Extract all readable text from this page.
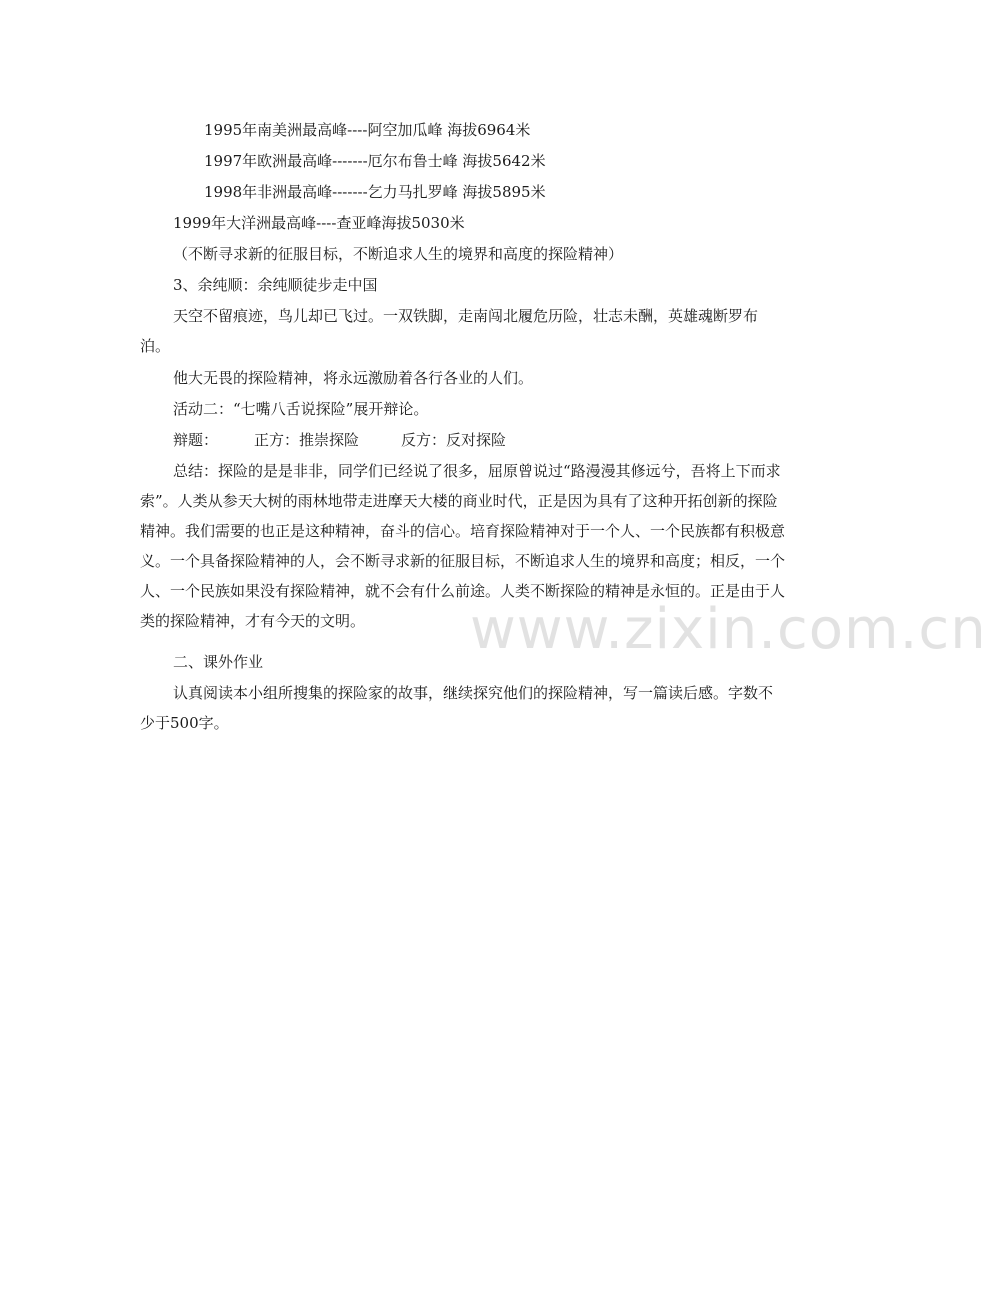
1995年南美洲最高峰----阿空加瓜峰 海拔6964米
1997年欧洲最高峰-------厄尔布鲁士峰 海拔5642米
1998年非洲最高峰-------乞力马扎罗峰 海拔5895米
1999年大洋洲最高峰----查亚峰海拔5030米
（不断寻求新的征服目标，不断追求人生的境界和高度的探险精神）
3、余纯顺：余纯顺徒步走中国
天空不留痕迹，鸟儿却已飞过。一双铁脚，走南闯北履危历险，壮志未酬，英雄魂断罗布泊。
他大无畏的探险精神，将永远激励着各行各业的人们。
活动二：“七嘴八舌说探险”展开辩论。
辩题： 正方：推崇探险	反方：反对探险
总结：探险的是是非非，同学们已经说了很多，屈原曾说过“路漫漫其修远兮，吾将上下而求索”。人类从参天大树的雨林地带走进摩天大楼的商业时代，正是因为具有了这种开拓创新的探险精神。我们需要的也正是这种精神，奋斗的信心。培育探险精神对于一个人、一个民族都有积极意义。一个具备探险精神的人，会不断寻求新的征服目标，不断追求人生的境界和高度；相反，一个人、一个民族如果没有探险精神，就不会有什么前途。人类不断探险的精神是永恒的。正是由于人类的探险精神，才有今天的文明。
二、课外作业
认真阅读本小组所搜集的探险家的故事，继续探究他们的探险精神，写一篇读后感。字数不少于500字。
www.zixin.com.cn
